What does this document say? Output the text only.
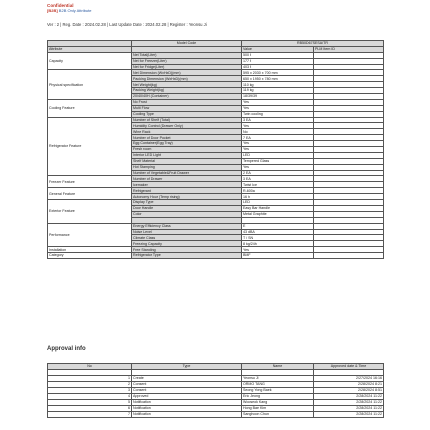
Confidential
[B2B] B2B Only Attribute
Ver : 2 | Reg. Date : 2024.02.28 | Last Update Date : 2024.02.28 | Register : Yeonsu Ji
	Model Code	RB50D67SESA/TR	
Attribute		Value	PLM Item ID
Capacity	Net Total(Liter)	500 ℓ	
	Net for Freezer(Liter)	177 ℓ	
	Net for Fridge(Liter)	403 ℓ	
Physical specification	Net Dimension (WxHxD)(mm)	595 x 2030 x 700 mm	
	Packing Dimension (WxHxD)(mm)	650 x 1950 x 780 mm	
	Net Weight(kg)	110 kg	
	Packing Weight(kg)	119 kg	
	20/40/40H (Container)	18/39/39	
Cooling Feature	No Frost	Yes	
	Multi Flow	Yes	
	Cooling Type	Twin cooling	
Refrigerator Feature	Number of Shelf (Total)	3 EA	
	Humidity Control (Drawer Only)	Yes	
	Wine Rack	No	
	Number of Door Pocket	7 EA	
	Egg Container(Egg Tray)	Yes	
	Fresh room	Yes	
	Interior LED Light	LED	
	Shelf Material	Tempered Glass	
	Hot Stamping	Yes	
	Number of Vegetable&Fruit Drawer	2 EA	
Freezer Feature	Number of Drawer	3 EA	
	Icemaker	Twist Ice	
General Feature	Refrigerant	R-600a	
	Autonomy Hour (Temp rising)	16 h	
Exterior Feature	Display Type	LED	
	Door Handle	Easy Bar Handle	
	Color	Metal Graphite	

Performance	Energy Efficiency Class	E	
	Noise Level	43 dBA	
	Climate Class	T / SN	
	Freezing Capacity	8 kg/24h	
Installation	Free Standing	Yes	
Category	Refrigerator Type	BMF	
Approval info
No	Type	Name	Approved date & Time

1	Create	Yeonsu Ji	2/27/2024 16:16
2	Consent	ORMO TANG	2/28/2024 8:21
3	Consent	Seong Yong Baek	2/28/2024 8:51
4	Approved	Eric Jeong	2/28/2024 11:22
5	Notification	Wooseok Kang	2/28/2024 11:22
6	Notification	Hong Bae Kim	2/28/2024 11:22
7	Notification	Sanghoon Chun	2/28/2024 11:22
